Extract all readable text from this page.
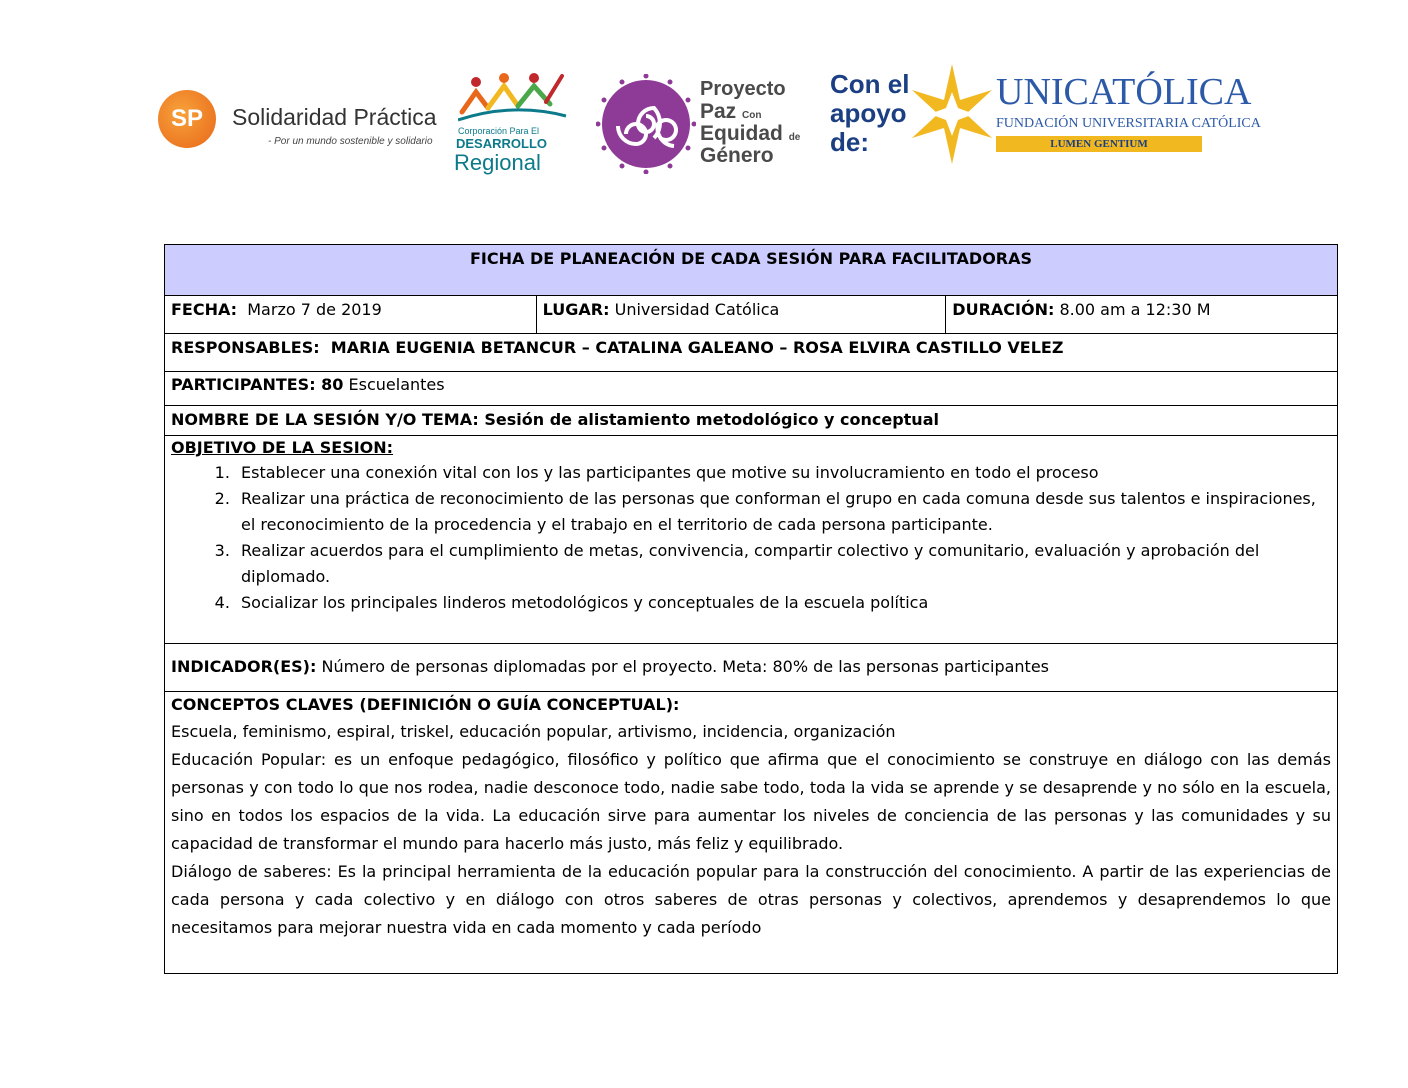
SP	Solidaridad Práctica
- Por un mundo sostenible y solidario
Corporación Para El
DESARROLLO
Regional
Proyecto
Paz Con
Equidad de
Género
Con el
apoyo
de:
UNICATÓLICA
FUNDACIÓN UNIVERSITARIA CATÓLICA
LUMEN GENTIUM
FICHA DE PLANEACIÓN DE CADA SESIÓN PARA FACILITADORAS
FECHA: Marzo 7 de 2019	LUGAR: Universidad Católica	DURACIÓN: 8.00 am a 12:30 M
RESPONSABLES: MARIA EUGENIA BETANCUR – CATALINA GALEANO – ROSA ELVIRA CASTILLO VELEZ
PARTICIPANTES: 80 Escuelantes
NOMBRE DE LA SESIÓN Y/O TEMA: Sesión de alistamiento metodológico y conceptual

OBJETIVO DE LA SESION:
1. Establecer una conexión vital con los y las participantes que motive su involucramiento en todo el proceso
2. Realizar una práctica de reconocimiento de las personas que conforman el grupo en cada comuna desde sus talentos e inspiraciones, el reconocimiento de la procedencia y el trabajo en el territorio de cada persona participante.
3. Realizar acuerdos para el cumplimiento de metas, convivencia, compartir colectivo y comunitario, evaluación y aprobación del diplomado.
4. Socializar los principales linderos metodológicos y conceptuales de la escuela política

INDICADOR(ES): Número de personas diplomadas por el proyecto. Meta: 80% de las personas participantes

CONCEPTOS CLAVES (DEFINICIÓN O GUÍA CONCEPTUAL):
Escuela, feminismo, espiral, triskel, educación popular, artivismo, incidencia, organización
Educación Popular: es un enfoque pedagógico, filosófico y político que afirma que el conocimiento se construye en diálogo con las demás personas y con todo lo que nos rodea, nadie desconoce todo, nadie sabe todo, toda la vida se aprende y se desaprende y no sólo en la escuela, sino en todos los espacios de la vida. La educación sirve para aumentar los niveles de conciencia de las personas y las comunidades y su capacidad de transformar el mundo para hacerlo más justo, más feliz y equilibrado.
Diálogo de saberes: Es la principal herramienta de la educación popular para la construcción del conocimiento. A partir de las experiencias de cada persona y cada colectivo y en diálogo con otros saberes de otras personas y colectivos, aprendemos y desaprendemos lo que necesitamos para mejorar nuestra vida en cada momento y cada período
